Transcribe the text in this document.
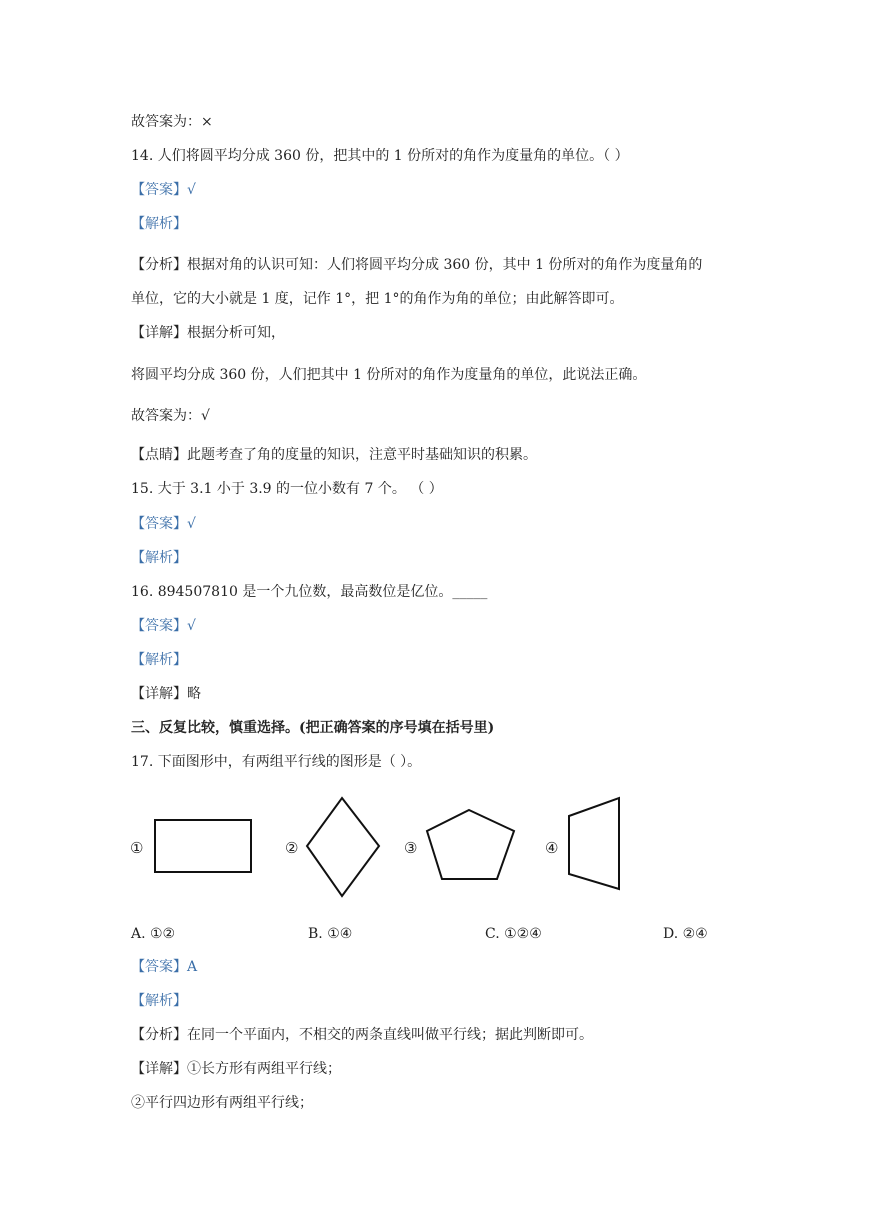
故答案为：×
14. 人们将圆平均分成 360 份，把其中的 1 份所对的角作为度量角的单位。（ ）
【答案】√
【解析】
【分析】根据对角的认识可知：人们将圆平均分成 360 份，其中 1 份所对的角作为度量角的
单位，它的大小就是 1 度，记作 1°，把 1°的角作为角的单位；由此解答即可。
【详解】根据分析可知，
将圆平均分成 360 份，人们把其中 1 份所对的角作为度量角的单位，此说法正确。
故答案为：√
【点睛】此题考查了角的度量的知识，注意平时基础知识的积累。
15. 大于 3.1 小于 3.9 的一位小数有 7 个。 （ ）
【答案】√
【解析】
16. 894507810 是一个九位数，最高数位是亿位。_____
【答案】√
【解析】
【详解】略
三、反复比较，慎重选择。(把正确答案的序号填在括号里)
17. 下面图形中，有两组平行线的图形是（ ）。
①	②	③	④
A. ①②	B. ①④	C. ①②④	D. ②④
【答案】A
【解析】
【分析】在同一个平面内，不相交的两条直线叫做平行线；据此判断即可。
【详解】①长方形有两组平行线；
②平行四边形有两组平行线；
